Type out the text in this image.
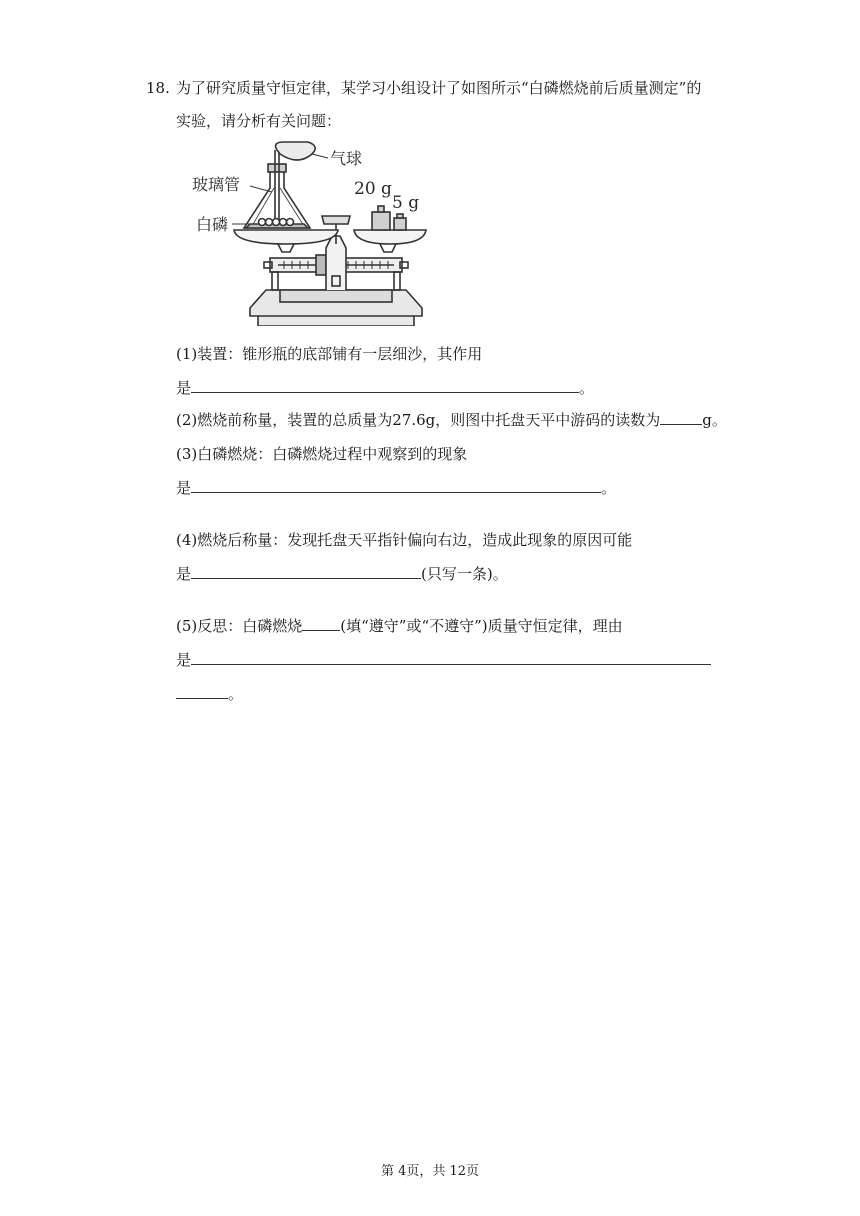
18. 为了研究质量守恒定律，某学习小组设计了如图所示“白磷燃烧前后质量测定”的
实验，请分析有关问题：
气球
玻璃管
白磷
20 g
5 g
(1)装置：锥形瓶的底部铺有一层细沙，其作用
是	。
(2)燃烧前称量，装置的总质量为27.6g，则图中托盘天平中游码的读数为	g。
(3)白磷燃烧：白磷燃烧过程中观察到的现象
是	。
(4)燃烧后称量：发现托盘天平指针偏向右边，造成此现象的原因可能
是	(只写一条)。
(5)反思：白磷燃烧	(填“遵守”或“不遵守”)质量守恒定律，理由
是
。
第 4页，共 12页
